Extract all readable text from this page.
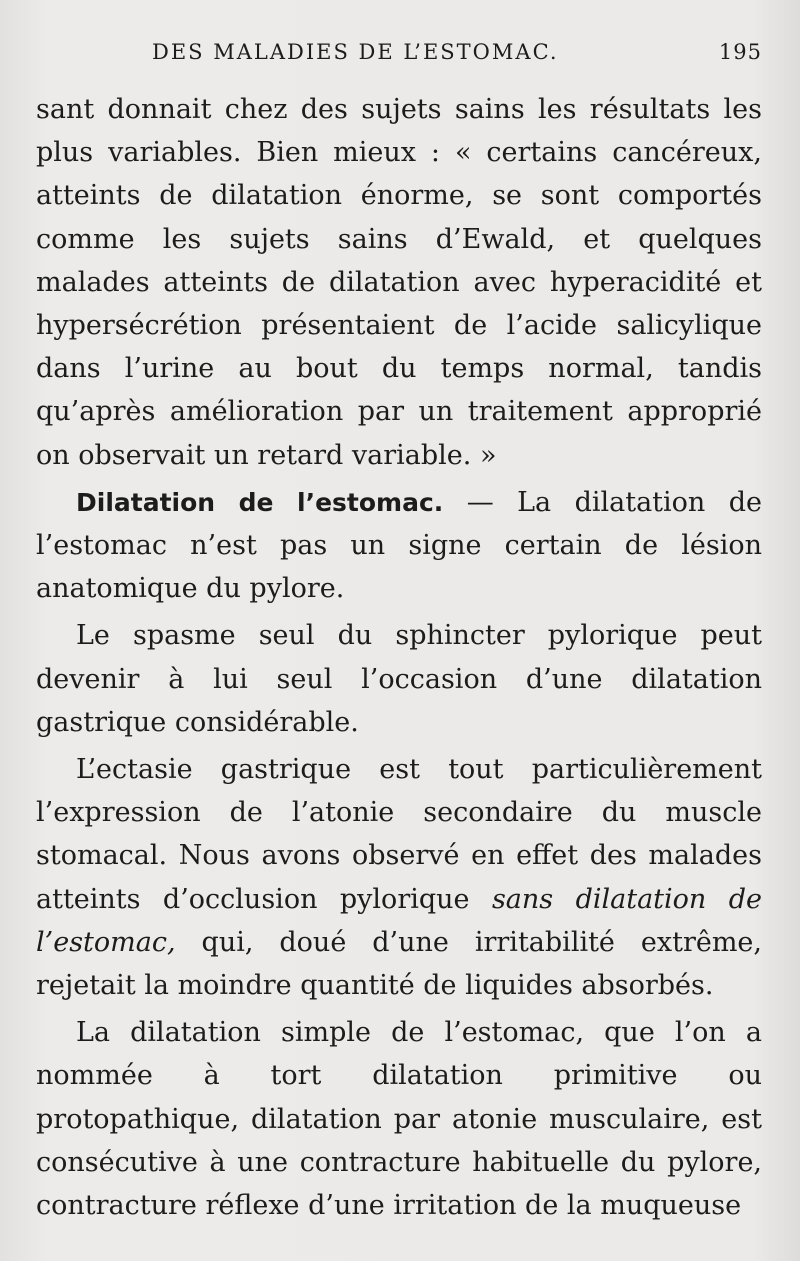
DES MALADIES DE L’ESTOMAC.	195

sant donnait chez des sujets sains les résultats les plus variables. Bien mieux : « certains cancéreux, atteints de dilatation énorme, se sont comportés comme les sujets sains d’Ewald, et quelques malades atteints de dilatation avec hyperacidité et hypersécrétion présentaient de l’acide salicylique dans l’urine au bout du temps normal, tandis qu’après amélioration par un traitement approprié on observait un retard variable. »

Dilatation de l’estomac. — La dilatation de l’estomac n’est pas un signe certain de lésion anatomique du pylore.

Le spasme seul du sphincter pylorique peut devenir à lui seul l’occasion d’une dilatation gastrique considérable.

L’ectasie gastrique est tout particulièrement l’expression de l’atonie secondaire du muscle stomacal. Nous avons observé en effet des malades atteints d’occlusion pylorique sans dilatation de l’estomac, qui, doué d’une irritabilité extrême, rejetait la moindre quantité de liquides absorbés.

La dilatation simple de l’estomac, que l’on a nommée à tort dilatation primitive ou protopathique, dilatation par atonie musculaire, est consécutive à une contracture habituelle du pylore, contracture réflexe d’une irritation de la muqueuse
